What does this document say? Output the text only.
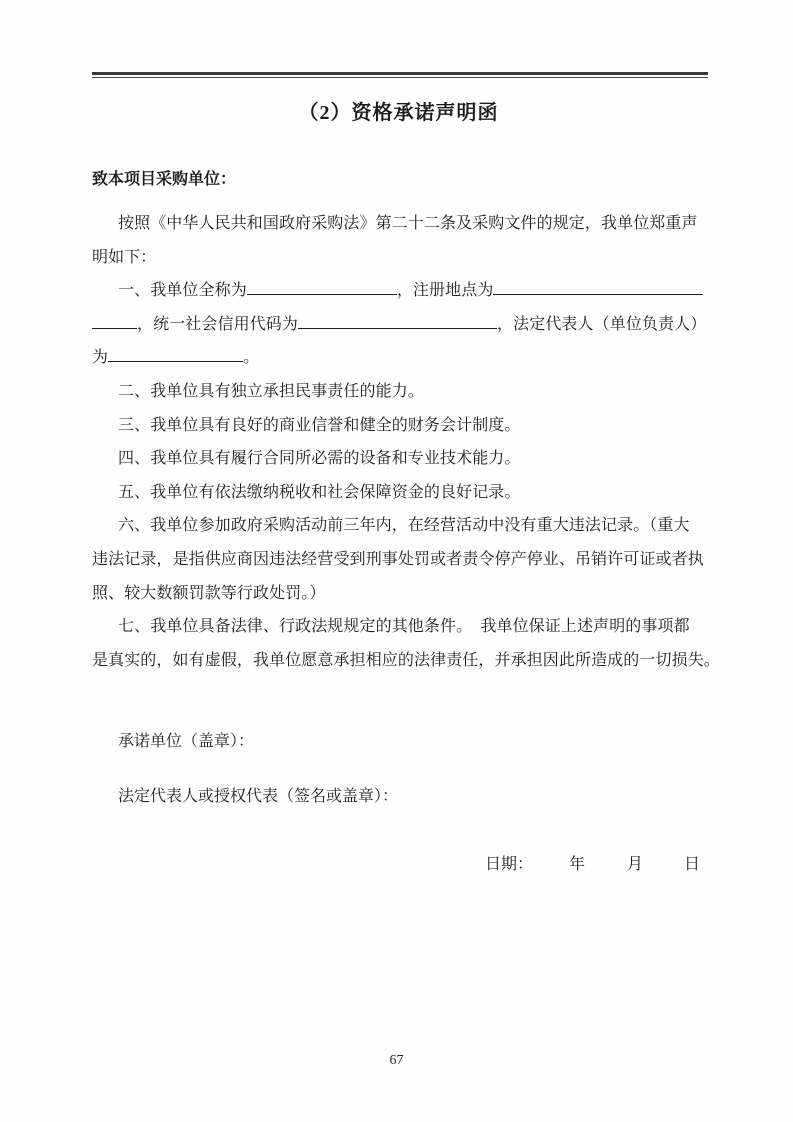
（2）资格承诺声明函
致本项目采购单位：
按照《中华人民共和国政府采购法》第二十二条及采购文件的规定，我单位郑重声
明如下：
一、我单位全称为	，注册地点为
，统一社会信用代码为	，法定代表人（单位负责人）
为	。
二、我单位具有独立承担民事责任的能力。
三、我单位具有良好的商业信誉和健全的财务会计制度。
四、我单位具有履行合同所必需的设备和专业技术能力。
五、我单位有依法缴纳税收和社会保障资金的良好记录。
六、我单位参加政府采购活动前三年内，在经营活动中没有重大违法记录。（重大
违法记录，是指供应商因违法经营受到刑事处罚或者责令停产停业、吊销许可证或者执
照、较大数额罚款等行政处罚。）
七、我单位具备法律、行政法规规定的其他条件。  我单位保证上述声明的事项都
是真实的，如有虚假，我单位愿意承担相应的法律责任，并承担因此所造成的一切损失。
承诺单位（盖章）：
法定代表人或授权代表（签名或盖章）：
日期： 年	月	日
67
